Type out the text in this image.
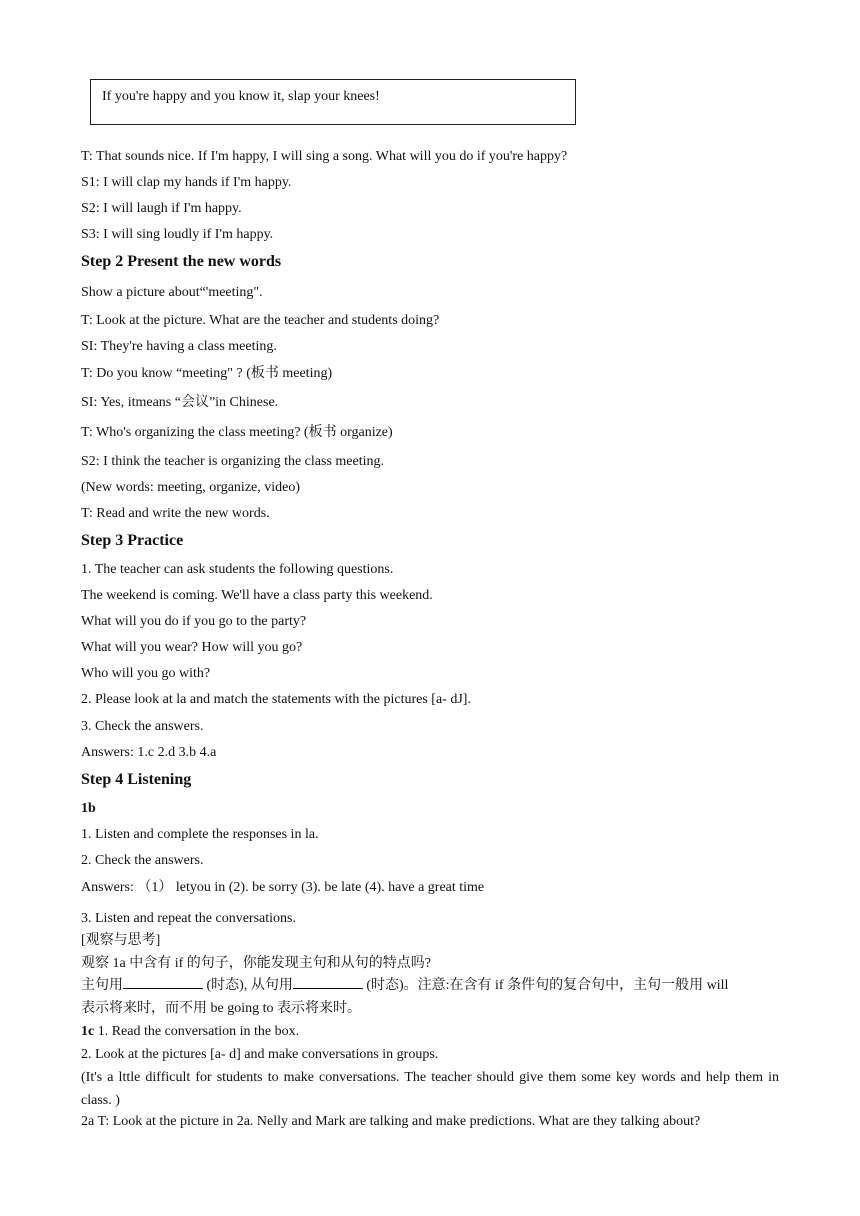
If you're happy and you know it, slap your knees!
T: That sounds nice. If I'm happy, I will sing a song. What will you do if you're happy?
S1: I will clap my hands if I'm happy.
S2: I will laugh if I'm happy.
S3: I will sing loudly if I'm happy.
Step 2 Present the new words
Show a picture about“'meeting".
T: Look at the picture. What are the teacher and students doing?
SI: They're having a class meeting.
T: Do you know “meeting" ? (板书 meeting)
SI: Yes, itmeans “会议”in Chinese.
T: Who's organizing the class meeting? (板书 organize)
S2: I think the teacher is organizing the class meeting.
(New words: meeting, organize, video)
T: Read and write the new words.
Step 3 Practice
1. The teacher can ask students the following questions.
The weekend is coming. We'll have a class party this weekend.
What will you do if you go to the party?
What will you wear? How will you go?
Who will you go with?
2. Please look at la and match the statements with the pictures [a- dJ].
3. Check the answers.
Answers: 1.c 2.d 3.b 4.a
Step 4 Listening
1b
1. Listen and complete the responses in la.
2. Check the answers.
Answers: （1） letyou in (2). be sorry (3). be late (4). have a great time
3. Listen and repeat the conversations.
[观察与思考]
观察 1a 中含有 if 的句子，你能发现主句和从句的特点吗?
主句用	(时态), 从句用	(时态)。注意:在含有 if 条件句的复合句中，主句一般用 will
表示将来时，而不用 be going to 表示将来时。
1c 1. Read the conversation in the box.
2. Look at the pictures [a- d] and make conversations in groups.
(It's a lttle difficult for students to make conversations. The teacher should give them some key words and help them in class. )
2a T: Look at the picture in 2a. Nelly and Mark are talking and make predictions. What are they talking about?
